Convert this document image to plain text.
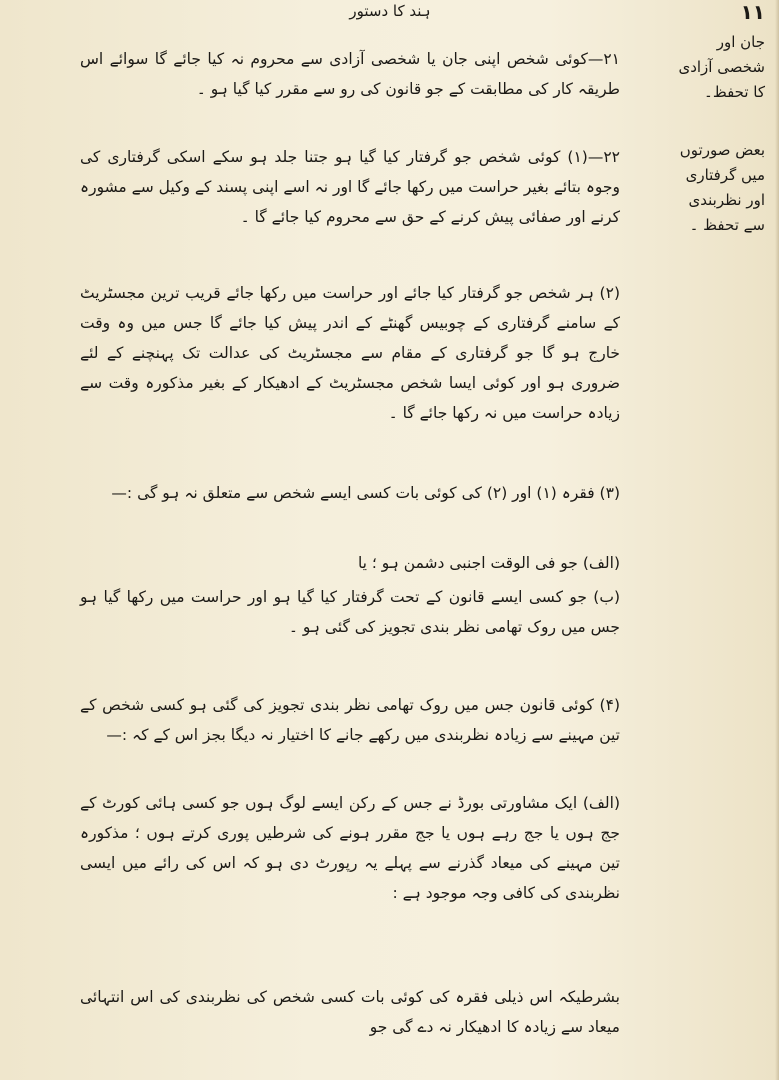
۱۱
ہند کا دستور
جان اور شخصی آزادی کا تحفظ۔
بعض صورتوں میں گرفتاری اور نظربندی سے تحفظ ۔

۲۱—کوئی شخص اپنی جان یا شخصی آزادی سے محروم نہ کیا جائے گا سوائے اس طریقہ کار کی مطابقت کے جو قانون کی رو سے مقرر کیا گیا ہو ۔

۲۲—(۱) کوئی شخص جو گرفتار کیا گیا ہو جتنا جلد ہو سکے اسکی گرفتاری کی وجوہ بتائے بغیر حراست میں رکھا جائے گا اور نہ اسے اپنی پسند کے وکیل سے مشورہ کرنے اور صفائی پیش کرنے کے حق سے محروم کیا جائے گا ۔

(۲) ہر شخص جو گرفتار کیا جائے اور حراست میں رکھا جائے قریب ترین مجسٹریٹ کے سامنے گرفتاری کے چوبیس گھنٹے کے اندر پیش کیا جائے گا جس میں وہ وقت خارج ہو گا جو گرفتاری کے مقام سے مجسٹریٹ کی عدالت تک پہنچنے کے لئے ضروری ہو اور کوئی ایسا شخص مجسٹریٹ کے ادھیکار کے بغیر مذکورہ وقت سے زیادہ حراست میں نہ رکھا جائے گا ۔

(۳) فقرہ (۱) اور (۲) کی کوئی بات کسی ایسے شخص سے متعلق نہ ہو گی :—

(الف) جو فی الوقت اجنبی دشمن ہو ؛ یا

(ب) جو کسی ایسے قانون کے تحت گرفتار کیا گیا ہو اور حراست میں رکھا گیا ہو جس میں روک تھامی نظر بندی تجویز کی گئی ہو ۔

(۴) کوئی قانون جس میں روک تھامی نظر بندی تجویز کی گئی ہو کسی شخص کے تین مہینے سے زیادہ نظربندی میں رکھے جانے کا اختیار نہ دیگا بجز اس کے کہ :—

(الف) ایک مشاورتی بورڈ نے جس کے رکن ایسے لوگ ہوں جو کسی ہائی کورٹ کے جج ہوں یا جج رہے ہوں یا جج مقرر ہونے کی شرطیں پوری کرتے ہوں ؛ مذکورہ تین مہینے کی میعاد گذرنے سے پہلے یہ رپورٹ دی ہو کہ اس کی رائے میں ایسی نظربندی کی کافی وجہ موجود ہے :

بشرطیکہ اس ذیلی فقرہ کی کوئی بات کسی شخص کی نظربندی کی اس انتہائی میعاد سے زیادہ کا ادھیکار نہ دے گی جو
